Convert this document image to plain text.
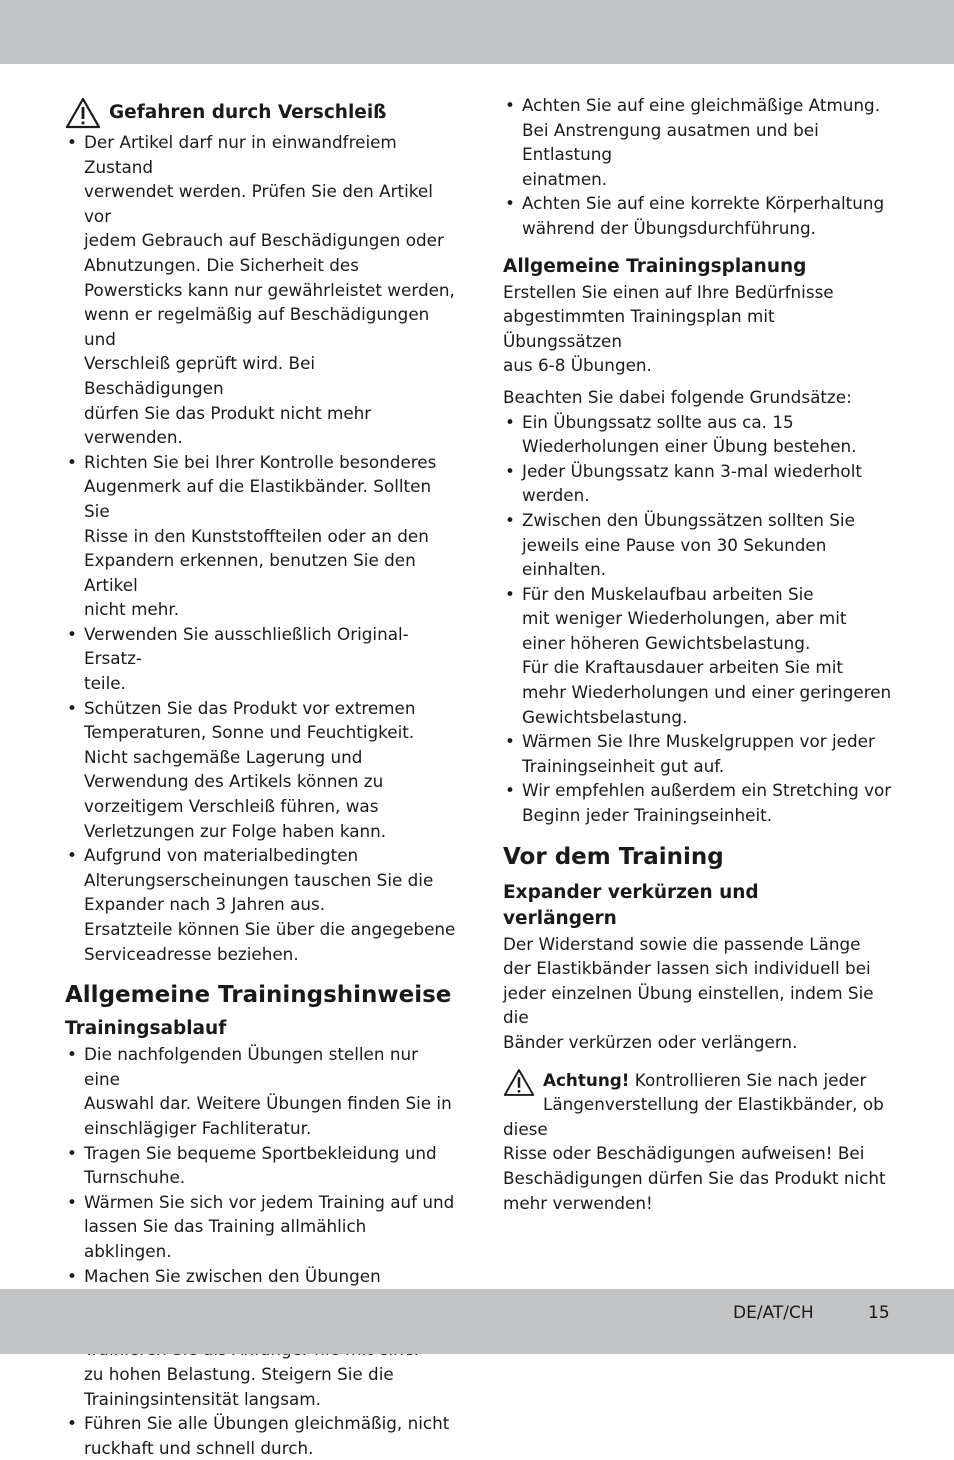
Gefahren durch Verschleiß
• Der Artikel darf nur in einwandfreiem Zustand
verwendet werden. Prüfen Sie den Artikel vor
jedem Gebrauch auf Beschädigungen oder
Abnutzungen. Die Sicherheit des
Powersticks kann nur gewährleistet werden,
wenn er regelmäßig auf Beschädigungen und
Verschleiß geprüft wird. Bei Beschädigungen
dürfen Sie das Produkt nicht mehr verwenden.
• Richten Sie bei Ihrer Kontrolle besonderes
Augenmerk auf die Elastikbänder. Sollten Sie
Risse in den Kunststoffteilen oder an den
Expandern erkennen, benutzen Sie den Artikel
nicht mehr.
• Verwenden Sie ausschließlich Original-Ersatz-
teile.
• Schützen Sie das Produkt vor extremen
Temperaturen, Sonne und Feuchtigkeit.
Nicht sachgemäße Lagerung und
Verwendung des Artikels können zu
vorzeitigem Verschleiß führen, was
Verletzungen zur Folge haben kann.
• Aufgrund von materialbedingten
Alterungserscheinungen tauschen Sie die
Expander nach 3 Jahren aus.
Ersatzteile können Sie über die angegebene
Serviceadresse beziehen.
Allgemeine Trainingshinweise
Trainingsablauf
• Die nachfolgenden Übungen stellen nur eine
Auswahl dar. Weitere Übungen finden Sie in
einschlägiger Fachliteratur.
• Tragen Sie bequeme Sportbekleidung und
Turnschuhe.
• Wärmen Sie sich vor jedem Training auf und
lassen Sie das Training allmählich abklingen.
• Machen Sie zwischen den Übungen
• zu hohen Belastung. Steigern Sie die
Trainingsintensität langsam.
• Führen Sie alle Übungen gleichmäßig, nicht
ruckhaft und schnell durch.
• Achten Sie auf eine gleichmäßige Atmung.
Bei Anstrengung ausatmen und bei Entlastung
einatmen.
• Achten Sie auf eine korrekte Körperhaltung
während der Übungsdurchführung.
Allgemeine Trainingsplanung

Erstellen Sie einen auf Ihre Bedürfnisse
abgestimmten Trainingsplan mit Übungssätzen
aus 6-8 Übungen.

Beachten Sie dabei folgende Grundsätze:

• Ein Übungssatz sollte aus ca. 15
Wiederholungen einer Übung bestehen.
• Jeder Übungssatz kann 3-mal wiederholt
werden.
• Zwischen den Übungssätzen sollten Sie
jeweils eine Pause von 30 Sekunden
einhalten.
• Für den Muskelaufbau arbeiten Sie
mit weniger Wiederholungen, aber mit
einer höheren Gewichtsbelastung.
Für die Kraftausdauer arbeiten Sie mit
mehr Wiederholungen und einer geringeren
Gewichtsbelastung.
• Wärmen Sie Ihre Muskelgruppen vor jeder
Trainingseinheit gut auf.
• Wir empfehlen außerdem ein Stretching vor
Beginn jeder Trainingseinheit.
Vor dem Training
Expander verkürzen und
verlängern

Der Widerstand sowie die passende Länge
der Elastikbänder lassen sich individuell bei
jeder einzelnen Übung einstellen, indem Sie die
Bänder verkürzen oder verlängern.

Achtung! Kontrollieren Sie nach jeder
Längenverstellung der Elastikbänder, ob diese
Risse oder Beschädigungen aufweisen! Bei
Beschädigungen dürfen Sie das Produkt nicht
mehr verwenden!

DE/AT/CH	15
